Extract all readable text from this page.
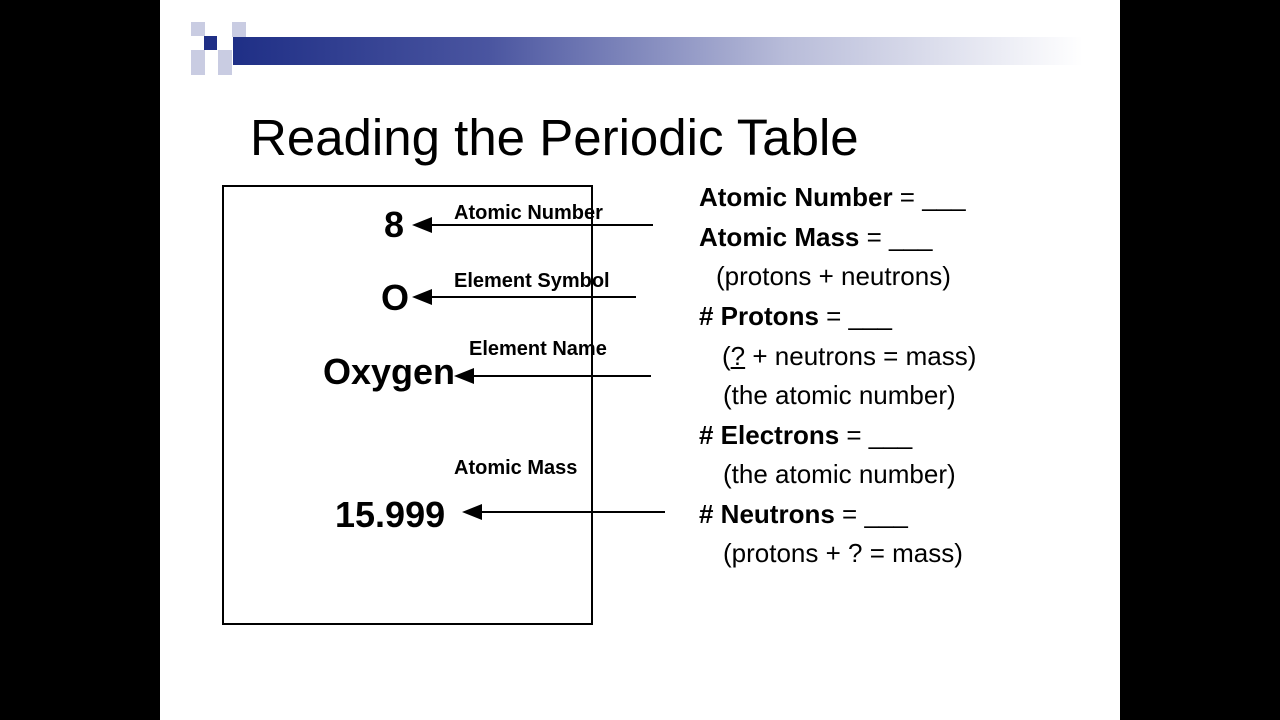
Reading the Periodic Table
8
O
Oxygen
15.999
Atomic Number
Element Symbol
Element Name
Atomic Mass
Atomic Number = ___
Atomic Mass = ___
(protons + neutrons)
# Protons = ___
(? + neutrons = mass)
(the atomic number)
# Electrons = ___
(the atomic number)
# Neutrons = ___
(protons + ? = mass)
